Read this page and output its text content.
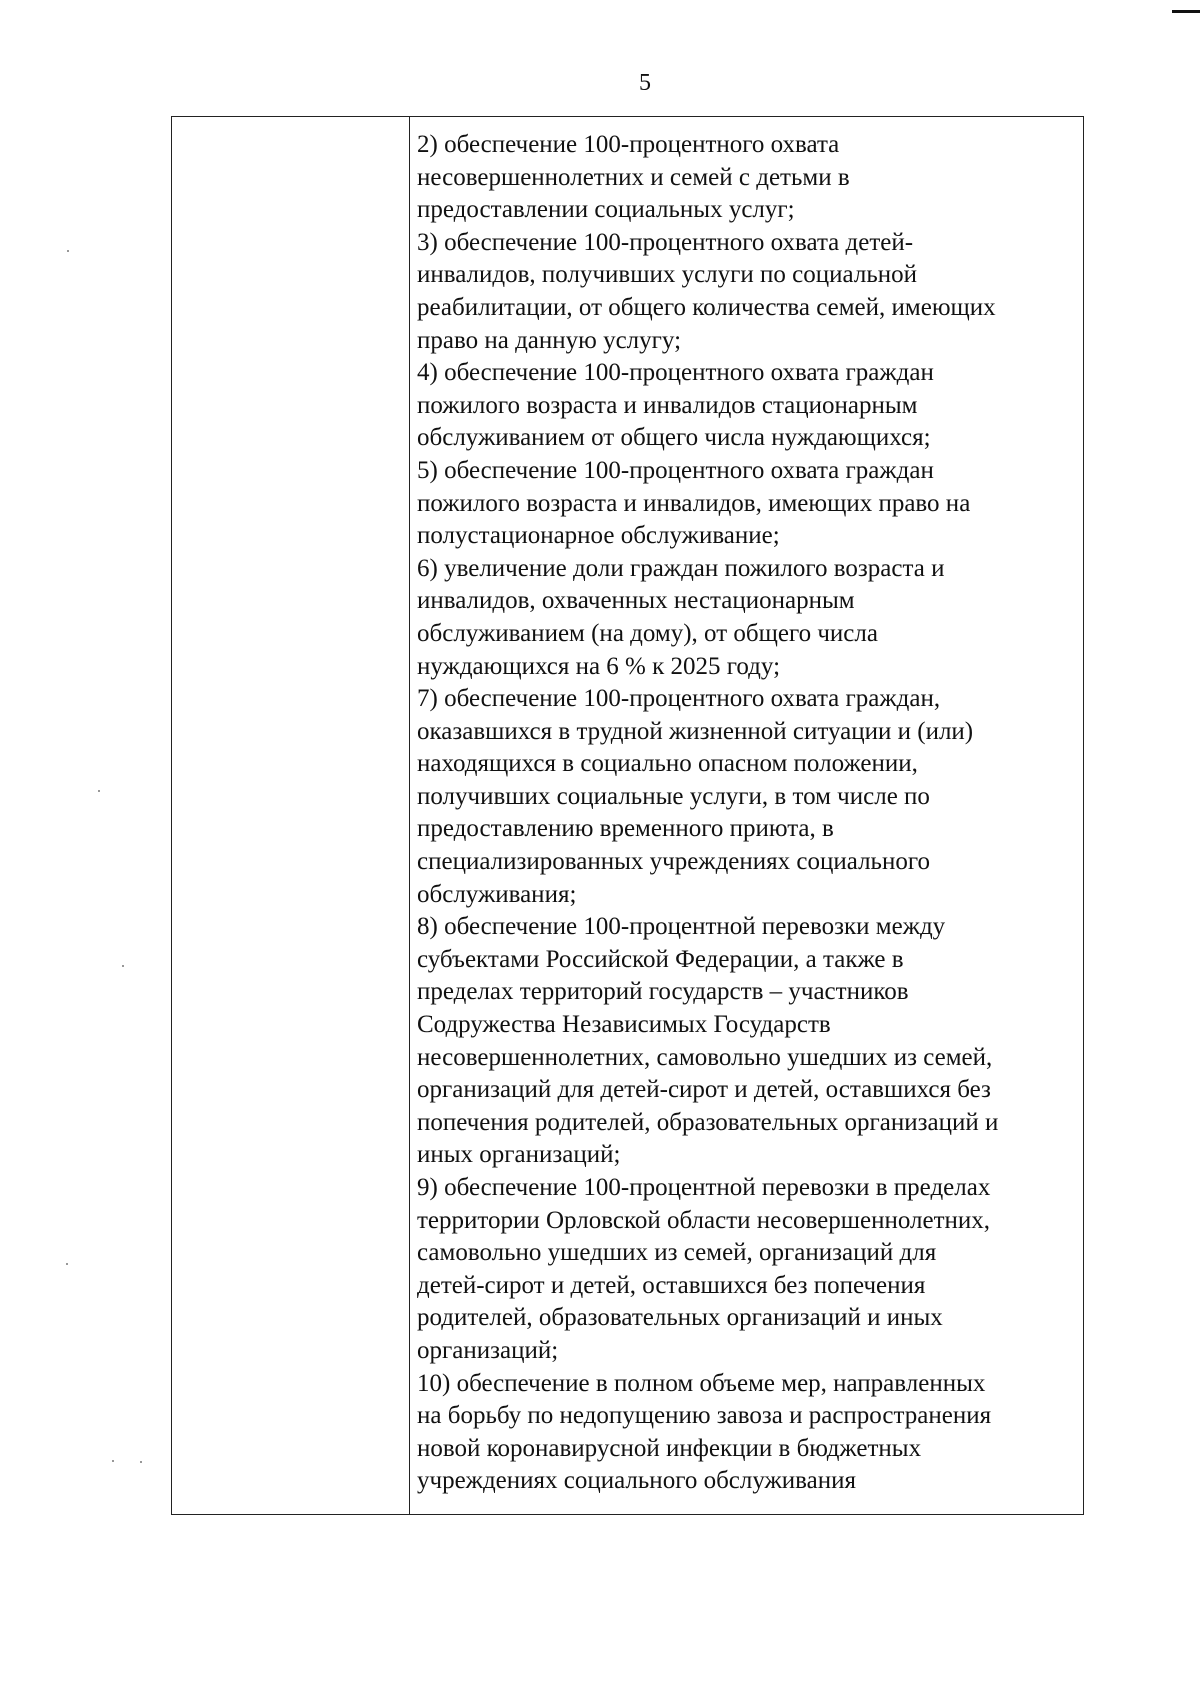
5
2) обеспечение 100-процентного охвата
несовершеннолетних и семей с детьми в
предоставлении социальных услуг;
3) обеспечение 100-процентного охвата детей-
инвалидов, получивших услуги по социальной
реабилитации, от общего количества семей, имеющих
право на данную услугу;
4) обеспечение 100-процентного охвата граждан
пожилого возраста и инвалидов стационарным
обслуживанием от общего числа нуждающихся;
5) обеспечение 100-процентного охвата граждан
пожилого возраста и инвалидов, имеющих право на
полустационарное обслуживание;
6) увеличение доли граждан пожилого возраста и
инвалидов, охваченных нестационарным
обслуживанием (на дому), от общего числа
нуждающихся на 6 % к 2025 году;
7) обеспечение 100-процентного охвата граждан,
оказавшихся в трудной жизненной ситуации и (или)
находящихся в социально опасном положении,
получивших социальные услуги, в том числе по
предоставлению временного приюта, в
специализированных учреждениях социального
обслуживания;
8) обеспечение 100-процентной перевозки между
субъектами Российской Федерации, а также в
пределах территорий государств – участников
Содружества Независимых Государств
несовершеннолетних, самовольно ушедших из семей,
организаций для детей-сирот и детей, оставшихся без
попечения родителей, образовательных организаций и
иных организаций;
9) обеспечение 100-процентной перевозки в пределах
территории Орловской области несовершеннолетних,
самовольно ушедших из семей, организаций для
детей-сирот и детей, оставшихся без попечения
родителей, образовательных организаций и иных
организаций;
10) обеспечение в полном объеме мер, направленных
на борьбу по недопущению завоза и распространения
новой коронавирусной инфекции в бюджетных
учреждениях социального обслуживания
